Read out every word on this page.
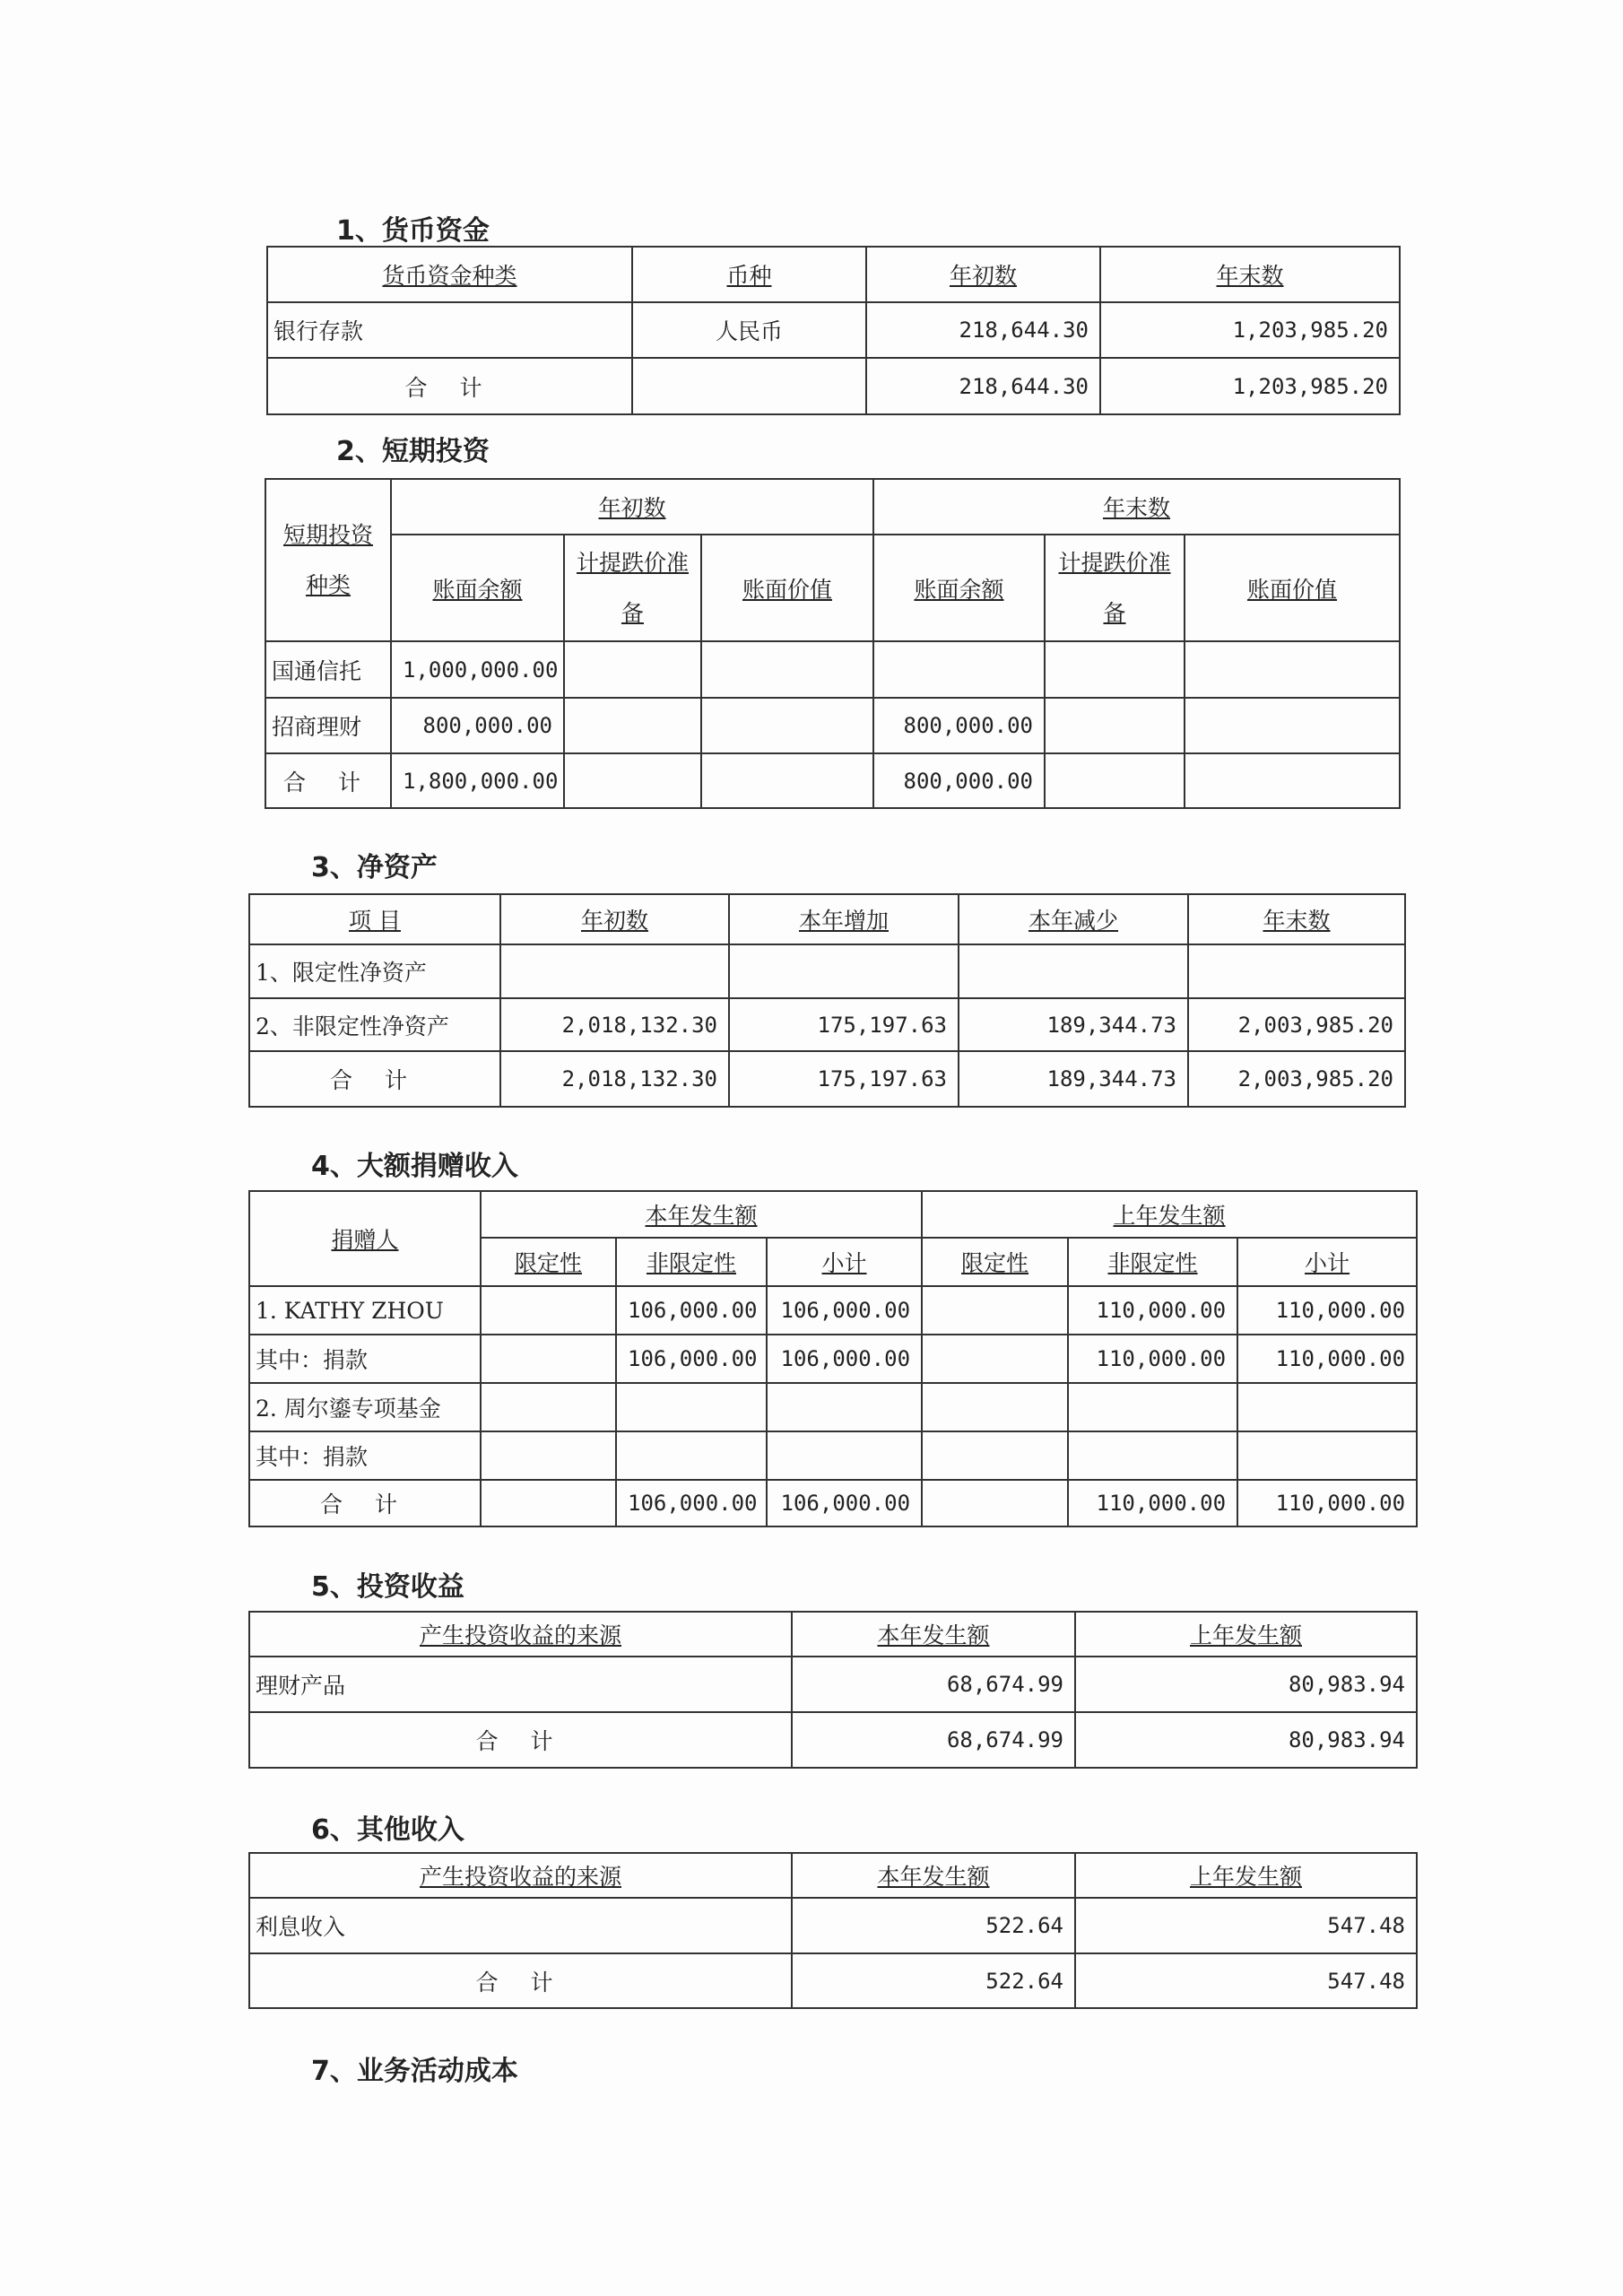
1、货币资金
货币资金种类	币种	年初数	年末数
银行存款	人民币	218,644.30	1,203,985.20
合 计		218,644.30	1,203,985.20
2、短期投资
短期投资种类	年初数			年末数		
	账面余额	计提跌价准备	账面价值	账面余额	计提跌价准备	账面价值
国通信托	1,000,000.00					
招商理财	800,000.00			800,000.00		
合 计	1,800,000.00			800,000.00		
3、净资产
项 目	年初数	本年增加	本年减少	年末数
1、限定性净资产				
2、非限定性净资产	2,018,132.30	175,197.63	189,344.73	2,003,985.20
合 计	2,018,132.30	175,197.63	189,344.73	2,003,985.20
4、大额捐赠收入
捐赠人	本年发生额			上年发生额		
	限定性	非限定性	小计	限定性	非限定性	小计
1. KATHY ZHOU		106,000.00	106,000.00		110,000.00	110,000.00
其中：捐款		106,000.00	106,000.00		110,000.00	110,000.00
2. 周尔鎏专项基金						
其中：捐款						
合 计		106,000.00	106,000.00		110,000.00	110,000.00
5、投资收益
产生投资收益的来源	本年发生额	上年发生额
理财产品	68,674.99	80,983.94
合 计	68,674.99	80,983.94
6、其他收入
产生投资收益的来源	本年发生额	上年发生额
利息收入	522.64	547.48
合 计	522.64	547.48
7、业务活动成本
